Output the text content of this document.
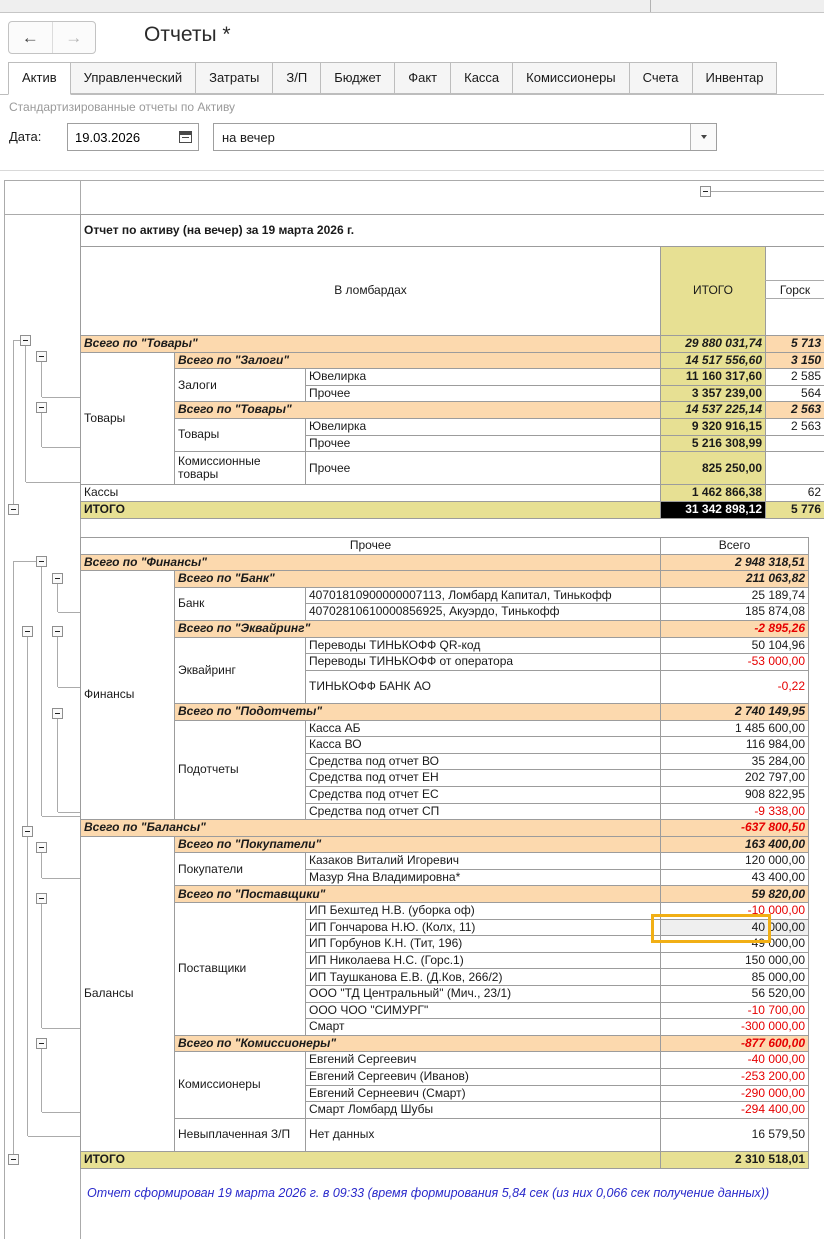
← →	Отчеты *
Актив	Управленческий	Затраты	З/П	Бюджет	Факт	Касса	Комиссионеры	Счета	Инвентар
Стандартизированные отчеты по Активу
Дата:
19.03.2026	на вечер
Отчет по активу (на вечер) за 19 марта 2026 г.				
В ломбардах			ИТОГО	Горск
Всего по "Товары"			29 880 031,74	5 713
Товары	Всего по "Залоги"		14 517 556,60	3 150
	Залоги	Ювелирка	11 160 317,60	2 585
		Прочее	3 357 239,00	564
	Всего по "Товары"		14 537 225,14	2 563
	Товары	Ювелирка	9 320 916,15	2 563
		Прочее	5 216 308,99	
	Комиссионные товары	Прочее	825 250,00	
Кассы			1 462 866,38	62
ИТОГО			31 342 898,12	5 776
Прочее			Всего
Всего по "Финансы"			2 948 318,51
Финансы	Всего по "Банк"		211 063,82
	Банк	40701810900000007113, Ломбард Капитал, Тинькофф	25 189,74
		40702810610000856925, Акуэрдо, Тинькофф	185 874,08
	Всего по "Эквайринг"		-2 895,26
	Эквайринг	Переводы ТИНЬКОФФ QR-код	50 104,96
		Переводы ТИНЬКОФФ от оператора	-53 000,00
		ТИНЬКОФФ БАНК АО	-0,22
	Всего по "Подотчеты"		2 740 149,95
	Подотчеты	Касса АБ	1 485 600,00
		Касса ВО	116 984,00
		Средства под отчет ВО	35 284,00
		Средства под отчет ЕН	202 797,00
		Средства под отчет ЕС	908 822,95
		Средства под отчет СП	-9 338,00
Всего по "Балансы"			-637 800,50
Балансы	Всего по "Покупатели"		163 400,00
	Покупатели	Казаков Виталий Игоревич	120 000,00
		Мазур Яна Владимировна*	43 400,00
	Всего по "Поставщики"		59 820,00
	Поставщики	ИП Бехштед Н.В. (уборка оф)	-10 000,00
		ИП Гончарова Н.Ю. (Колх, 11)	40 000,00
		ИП Горбунов К.Н. (Тит, 196)	49 000,00
		ИП Николаева Н.С. (Горс.1)	150 000,00
		ИП Таушканова Е.В. (Д.Ков, 266/2)	85 000,00
		ООО "ТД Центральный" (Мич., 23/1)	56 520,00
		ООО ЧОО "СИМУРГ"	-10 700,00
		Смарт	-300 000,00
	Всего по "Комиссионеры"		-877 600,00
	Комиссионеры	Евгений Сергеевич	-40 000,00
		Евгений Сергеевич (Иванов)	-253 200,00
		Евгений Сернеевич (Смарт)	-290 000,00
		Смарт Ломбард Шубы	-294 400,00
	Невыплаченная З/П	Нет данных	16 579,50
ИТОГО			2 310 518,01
Отчет сформирован 19 марта 2026 г. в 09:33 (время формирования 5,84 сек (из них 0,066 сек получение данных))
